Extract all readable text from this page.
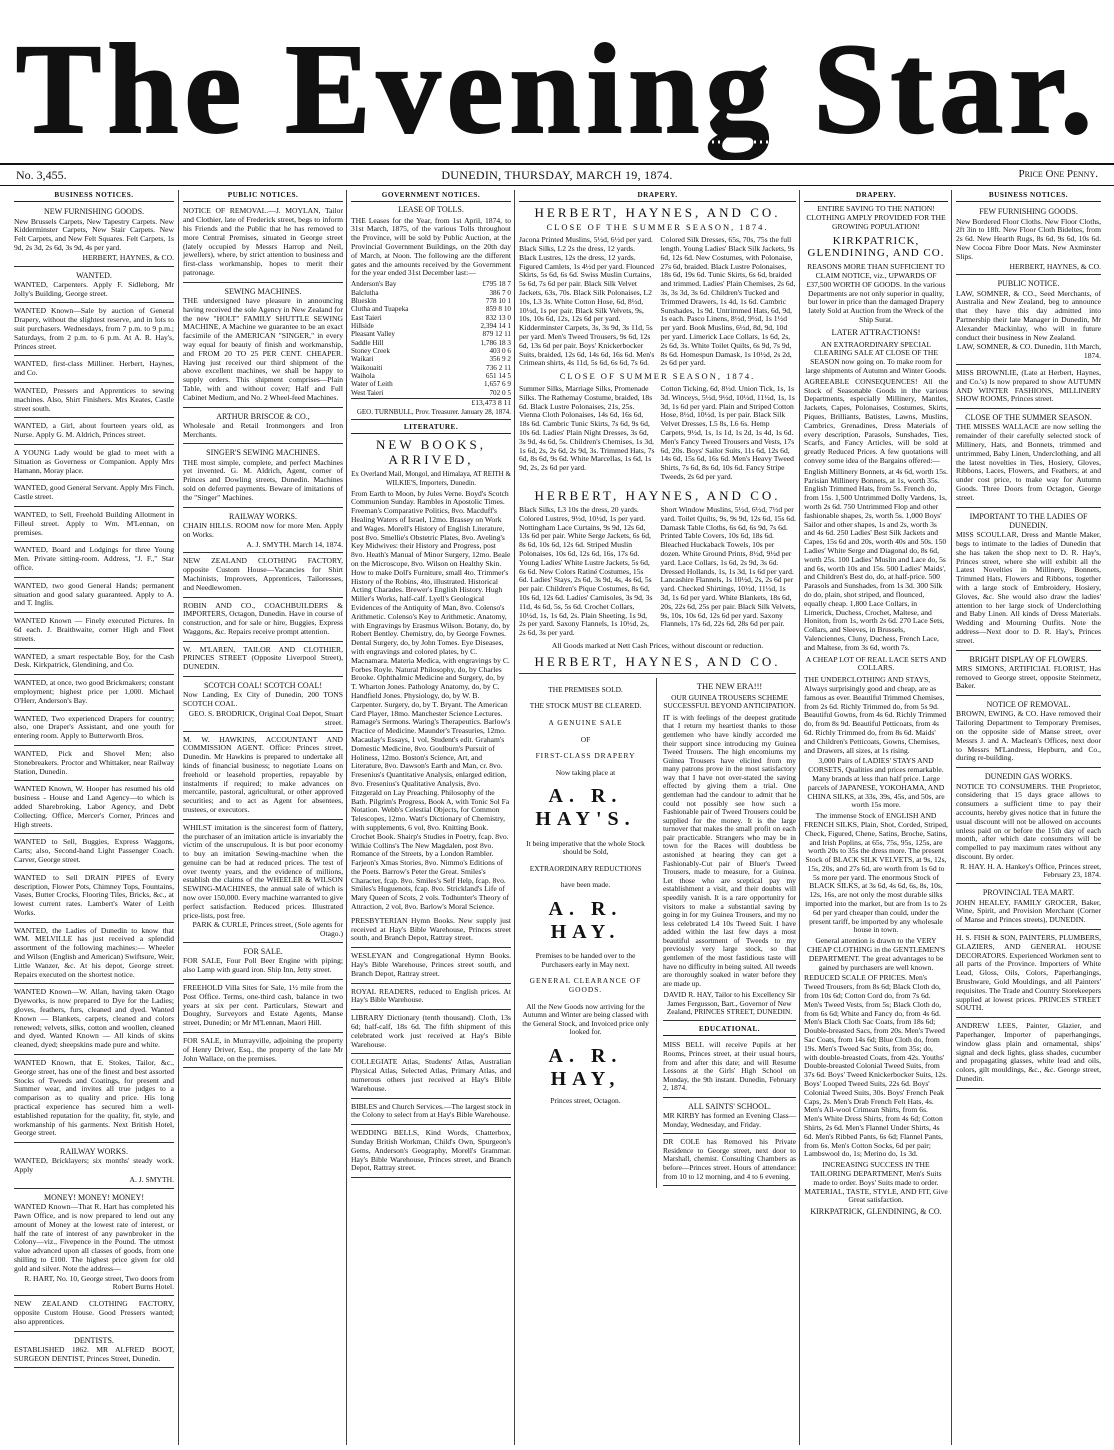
The Evening Star.
No. 3,455.	DUNEDIN, THURSDAY, MARCH 19, 1874.	Price One Penny.
BUSINESS NOTICES.
NEW FURNISHING GOODS.

New Brussels Carpets, New Tapestry Carpets. New Kidderminster Carpets, New Stair Carpets. New Felt Carpets, and New Felt Squares. Felt Carpets, 1s 9d, 2s 3d, 2s 6d, 3s 9d, 4s per yard.

HERBERT, HAYNES, & CO.
WANTED.

WANTED, Carpenters. Apply F. Sidleborg, Mr Jolly's Building, George street.

WANTED Known—Sale by auction of General Drapery, without the slightest reserve, and in lots to suit purchasers. Wednesdays, from 7 p.m. to 9 p.m.; Saturdays, from 2 p.m. to 6 p.m. At A. R. Hay's, Princes street.

WANTED, first-class Milliner. Herbert, Haynes, and Co.

WANTED, Pressers and Apprentices to sewing machines. Also, Shirt Finishers. Mrs Keates, Castle street south.

WANTED, a Girl, about fourteen years old, as Nurse. Apply G. M. Aldrich, Princes street.

A YOUNG Lady would be glad to meet with a Situation as Governess or Companion. Apply Mrs Hamann, Moray place.

WANTED, good General Servant. Apply Mrs Finch, Castle street.

WANTED, to Sell, Freehold Building Allotment in Filleul street. Apply to Wm. M'Lennan, on premises.

WANTED, Board and Lodgings for three Young Men. Private sitting-room. Address, "J. F.," Star office.

WANTED, two good General Hands; permanent situation and good salary guaranteed. Apply to A. and T. Inglis.

WANTED Known — Finely executed Pictures. In 6d each. J. Braithwaite, corner High and Fleet streets.

WANTED, a smart respectable Boy, for the Cash Desk. Kirkpatrick, Glendining, and Co.

WANTED, at once, two good Brickmakers; constant employment; highest price per 1,000. Michael O'Herr, Anderson's Bay.

WANTED, Two experienced Drapers for country; also, one Draper's Assistant, and one youth for entering room. Apply to Butterworth Bros.

WANTED, Pick and Shovel Men; also Stonebreakers. Proctor and Whittaker, near Railway Station, Dunedin.

WANTED Known, W. Hooper has resumed his old business - House and Land Agency—to which is added Sharebroking, Labor Agency, and Debt Collecting. Office, Mercer's Corner, Princes and High streets.

WANTED to Sell, Buggies, Express Waggons, Carts; also, Second-hand Light Passenger Coach. Carver, George street.

WANTED to Sell DRAIN PIPES of Every description, Flower Pots, Chimney Tops, Fountains, Vases, Butter Crocks, Flooring Tiles, Bricks, &c., at lowest current rates. Lambert's Water of Leith Works.

WANTED, the Ladies of Dunedin to know that WM. MELVILLE has just received a splendid assortment of the following machines:— Wheeler and Wilson (English and American) Swiftsure, Weir, Little Wanzer, &c. At his depot, George street. Repairs executed on the shortest notice.

WANTED Known—W. Allan, having taken Otago Dyeworks, is now prepared to Dye for the Ladies; gloves, feathers, furs, cleaned and dyed. Wanted Known — Blankets, carpets, cleaned and colors renewed; velvets, silks, cotton and woollen, cleaned and dyed. Wanted Known — All kinds of skins cleaned, dyed; sheepskins made pure and white.

WANTED Known, that E. Stokes, Tailor, &c., George street, has one of the finest and best assorted Stocks of Tweeds and Coatings, for present and Summer wear, and invites all true judges to a comparison as to quality and price. His long practical experience has secured him a well-established reputation for the quality, fit, style, and workmanship of his garments. Next British Hotel, George street.

RAILWAY WORKS.

WANTED, Bricklayers; six months' steady work. Apply

A. J. SMYTH.
MONEY! MONEY! MONEY!

WANTED Known—That R. Hart has completed his Pawn Office, and is now prepared to lend out any amount of Money at the lowest rate of interest, or half the rate of interest of any pawnbroker in the Colony—viz., Fivepence in the Pound. The utmost value advanced upon all classes of goods, from one shilling to £100. The highest price given for old gold and silver. Note the address—

R. HART, No. 10, George street, Two doors from Robert Burns Hotel.

NEW ZEALAND CLOTHING FACTORY, opposite Custom House. Good Pressers wanted; also apprentices.

DENTISTS.

ESTABLISHED 1862. MR ALFRED BOOT, SURGEON DENTIST, Princes Street, Dunedin.

PUBLIC NOTICES.

NOTICE OF REMOVAL.—J. MOYLAN, Tailor and Clothier, late of Frederick street, begs to inform his Friends and the Public that he has removed to more Central Premises, situated in George street (lately occupied by Messrs Harrop and Neil, jewellers), where, by strict attention to business and first-class workmanship, hopes to merit their patronage.

SEWING MACHINES.

THE undersigned have pleasure in announcing having received the sole Agency in New Zealand for the new "HOLT" FAMILY SHUTTLE SEWING MACHINE, A Machine we guarantee to be an exact facsimile of the AMERICAN "SINGER," in every way equal for beauty of finish and workmanship, and FROM 20 TO 25 PER CENT. CHEAPER. Having just received our third shipment of the above excellent machines, we shall be happy to supply orders. This shipment comprises—Plain Table, with and without cover; Half and Full Cabinet Medium, and No. 2 Wheel-feed Machines.

ARTHUR BRISCOE & CO.,

Wholesale and Retail Ironmongers and Iron Merchants.

SINGER'S SEWING MACHINES.

THE most simple, complete, and perfect Machines yet invented. G. M. Aldrich, Agent, corner of Princes and Dowling streets, Dunedin. Machines sold on deferred payments. Beware of imitations of the "Singer" Machines.

RAILWAY WORKS.

CHAIN HILLS. ROOM now for more Men. Apply on Works.

A. J. SMYTH. March 14, 1874.

NEW ZEALAND CLOTHING FACTORY, opposite Custom House—Vacancies for Shirt Machinists, Improvers, Apprentices, Tailoresses, and Needlewomen.

ROBIN AND CO., COACHBUILDERS & IMPORTERS, Octagon, Dunedin. Have in course of construction, and for sale or hire, Buggies, Express Waggons, &c. Repairs receive prompt attention.

W. M'LAREN, TAILOR AND CLOTHIER, PRINCES STREET (Opposite Liverpool Street), DUNEDIN.

SCOTCH COAL! SCOTCH COAL!

Now Landing, Ex City of Dunedin, 200 TONS SCOTCH COAL.

GEO. S. BRODRICK, Original Coal Depot, Stuart street.

M. W. HAWKINS, ACCOUNTANT AND COMMISSION AGENT. Office: Princes street, Dunedin. Mr Hawkins is prepared to undertake all kinds of financial business; to negotiate Loans on freehold or leasehold properties, repayable by instalments if required; to make advances on mercantile, pastoral, agricultural, or other approved securities; and to act as Agent for absentees, trustees, or executors.

WHILST imitation is the sincerest form of flattery, the purchaser of an imitation article is invariably the victim of the unscrupulous. It is but poor economy to buy an imitation Sewing-machine when the genuine can be had at reduced prices. The test of over twenty years, and the evidence of millions, establish the claims of the WHEELER & WILSON SEWING-MACHINES, the annual sale of which is now over 150,000. Every machine warranted to give perfect satisfaction. Reduced prices. Illustrated price-lists, post free.

PARK & CURLE, Princes street, (Sole agents for Otago.)
FOR SALE.

FOR SALE, Four Poll Beer Engine with piping; also Lamp with guard iron. Ship Inn, Jetty street.

FREEHOLD Villa Sites for Sale, 1½ mile from the Post Office. Terms, one-third cash, balance in two years at six per cent. Particulars, Stewart and Doughty, Surveyors and Estate Agents, Manse street, Dunedin; or Mr M'Lennan, Maori Hill.

FOR SALE, in Murrayville, adjoining the property of Henry Driver, Esq., the property of the late Mr John Wallace, on the premises.

GOVERNMENT NOTICES.
LEASE OF TOLLS.

THE Leases for the Year, from 1st April, 1874, to 31st March, 1875, of the various Tolls throughout the Province, will be sold by Public Auction, at the Provincial Government Buildings, on the 20th day of March, at Noon. The following are the different gates and the amounts received by the Government for the year ended 31st December last:—

Anderson's Bay	£795 18 7
Balclutha	386 7 0
Blueskin	778 10 1
Clutha and Tuapeka	859 8 10
East Taieri	832 13 0
Hillside	2,394 14 1
Pleasant Valley	879 12 11
Saddle Hill	1,786 18 3
Stoney Creek	403 0 6
Waikari	356 9 2
Waikouaiti	736 2 11
Waihola	651 14 5
Water of Leith	1,657 6 9
West Taieri	702 0 5
£13,473 8 11
GEO. TURNBULL, Prov. Treasurer. January 28, 1874.
LITERATURE.
NEW BOOKS, ARRIVED,
Ex Overland Mail, Mongol, and Himalaya, AT REITH & WILKIE'S, Importers, Dunedin.

From Earth to Moon, by Jules Verne. Boyd's Scotch Communion Sunday. Rambles in Apostolic Times. Freeman's Comparative Politics, 8vo. Macduff's Healing Waters of Israel, 12mo. Brassey on Work and Wages. Morell's History of English Literature, post 8vo. Smellie's Obstetric Plates, 8vo. Aveling's Key Midwives: their History and Progress, post 8vo. Heath's Manual of Minor Surgery, 12mo. Beale on the Microscope, 8vo. Wilson on Healthy Skin. How to make Doll's Furniture, small 4to. Trimmer's History of the Robins, 4to, illustrated. Historical Acting Charades. Brewer's English History. Hugh Miller's Works, half-calf. Lyell's Geological Evidences of the Antiquity of Man, 8vo. Colenso's Arithmetic. Colenso's Key to Arithmetic. Anatomy, with Engravings by Erasmus Wilson. Botany, do, by Robert Bentley. Chemistry, do, by George Fownes. Dental Surgery, do, by John Tomes. Eye Diseases, with engravings and colored plates, by C. Macnamara. Materia Medica, with engravings by C. Forbes Royle. Natural Philosophy, do, by Charles Brooke. Ophthalmic Medicine and Surgery, do, by T. Wharton Jones. Pathology Anatomy, do, by C. Handfield Jones. Physiology, do, by W. B. Carpenter. Surgery, do, by T. Bryant. The American Card Player, 18mo. Manchester Science Lectures. Ramage's Sermons. Waring's Therapeutics. Barlow's Practice of Medicine. Maunder's Treasuries, 12mo. Macaulay's Essays, 1 vol, Student's edit. Graham's Domestic Medicine, 8vo. Goulburn's Pursuit of Holiness, 12mo. Boston's Science, Art, and Literature, 8vo. Dawson's Earth and Man, cr. 8vo. Fresenius's Quantitative Analysis, enlarged edition, 8vo. Fresenius's Qualitative Analysis, 8vo. Fitzgerald on Lay Preaching. Philosophy of the Bath. Pilgrim's Progress, Book A, with Tonic Sol Fa Notation. Webb's Celestial Objects, for Common Telescopes, 12mo. Watt's Dictionary of Chemistry, with supplements, 6 vol, 8vo. Knitting Book. Crochet Book. Shairp's Studies in Poetry, fcap. 8vo. Wilkie Collins's The New Magdalen, post 8vo. Romance of the Streets, by a London Rambler. Farjeon's Xmas Stories, 8vo. Nimmo's Editions of the Poets. Barrow's Peter the Great. Smiles's Character, fcap. 8vo. Smiles's Self Help, fcap. 8vo. Smiles's Huguenots, fcap. 8vo. Strickland's Life of Mary Queen of Scots, 2 vols. Todhunter's Theory of Attraction, 2 vol, 8vo. Barlow's Moral Science.

PRESBYTERIAN Hymn Books. New supply just received at Hay's Bible Warehouse, Princes street south, and Branch Depot, Rattray street.

WESLEYAN and Congregational Hymn Books. Hay's Bible Warehouse, Princes street south, and Branch Depot, Rattray street.

ROYAL READERS, reduced to English prices. At Hay's Bible Warehouse.

LIBRARY Dictionary (tenth thousand). Cloth, 13s 6d; half-calf, 18s 6d. The fifth shipment of this celebrated work just received at Hay's Bible Warehouse.

COLLEGIATE Atlas, Students' Atlas, Australian Physical Atlas, Selected Atlas, Primary Atlas, and numerous others just received at Hay's Bible Warehouse.

BIBLES and Church Services.—The largest stock in the Colony to select from at Hay's Bible Warehouse.

WEDDING BELLS, Kind Words, Chatterbox, Sunday British Workman, Child's Own, Spurgeon's Gems, Anderson's Geography, Morell's Grammar. Hay's Bible Warehouse, Princes street, and Branch Depot, Rattray street.

DRAPERY.
HERBERT, HAYNES, AND CO.
CLOSE OF THE SUMMER SEASON, 1874.
Jacona Printed Muslins, 5½d, 6½d per yard. Black Silks, L2 2s the dress, 12 yards. Black Lustres, 12s the dress, 12 yards. Figured Camlets, 1s 4½d per yard. Flounced Skirts, 5s 6d, 6s 6d. Swiss Muslin Curtains, 5s 6d, 7s 6d per pair. Black Silk Velvet Jackets, 63s, 70s. Black Silk Polonaises, L2 10s, L3 3s. White Cotton Hose, 6d, 8½d, 10½d, 1s per pair. Black Silk Velvets, 9s, 10s, 10s 6d, 12s, 12s 6d per yard. Kidderminster Carpets, 3s, 3s 9d, 3s 11d, 5s per yard. Men's Tweed Trousers, 9s 6d, 12s 6d, 13s 6d per pair. Boys' Knickerbocker Suits, braided, 12s 6d, 14s 6d, 16s 6d. Men's Crimean shirts, 4s 11d, 5s 6d, 6s 6d, 7s 6d.
Colored Silk Dresses, 65s, 70s, 75s the full length. Young Ladies' Black Silk Jackets, 9s 6d, 12s 6d. New Costumes, with Polonaise, 27s 6d, braided. Black Lustre Polonaises, 18s 6d, 19s 6d. Tunic Skirts, 6s 6d, braided and trimmed. Ladies' Plain Chemises, 2s 6d, 3s, 3s 3d, 3s 6d. Children's Tucked and Trimmed Drawers, 1s 4d, 1s 6d. Cambric Sunshades, 1s 9d. Untrimmed Hats, 6d, 9d, 1s each. Pasco Linens, 8½d, 9½d, 1s 1½d per yard. Book Muslins, 6½d, 8d, 9d, 10d per yard. Limerick Lace Collars, 1s 6d, 2s, 2s 6d, 3s. White Toilet Quilts, 6s 9d, 7s 9d, 8s 6d. Homespun Damask, 1s 10½d, 2s 2d, 2s 6d per yard.
CLOSE OF SUMMER SEASON, 1874.
Summer Silks, Marriage Silks, Promenade Silks. The Rathemay Costume, braided, 18s 6d. Black Lustre Polonaises, 21s, 25s. Vienna Cloth Polonaises, 14s 6d, 16s 6d, 18s 6d. Cambric Tunic Skirts, 7s 6d, 9s 6d, 10s 6d. Ladies' Plain Night Dresses, 3s 6d, 3s 9d, 4s 6d, 5s. Children's Chemises, 1s 3d, 1s 6d, 2s, 2s 6d, 2s 9d, 3s. Trimmed Hats, 7s 6d, 8s 6d, 9s 6d. White Marcellas, 1s 6d, 1s 9d, 2s, 2s 6d per yard.
Cotton Ticking, 6d, 8½d. Union Tick, 1s, 1s 3d. Winceys, 5½d, 9½d, 10½d, 11½d, 1s, 1s 3d, 1s 6d per yard. Plain and Striped Cotton Hose, 8½d, 10½d, 1s per pair. Black Silk Velvet Dresses, L5 8s, L6 6s. Hemp Carpets, 9½d, 1s, 1s 1d, 1s 2d, 1s 4d, 1s 6d. Men's Fancy Tweed Trousers and Vests, 17s 6d, 20s. Boys' Sailor Suits, 11s 6d, 12s 6d, 14s 6d, 15s 6d, 16s 6d. Men's Heavy Tweed Shirts, 7s 6d, 8s 6d, 10s 6d. Fancy Stripe Tweeds, 2s 6d per yard.
HERBERT, HAYNES, AND CO.
Black Silks, L3 10s the dress, 20 yards. Colored Lustres, 9½d, 10½d, 1s per yard. Nottingham Lace Curtains, 9s 9d, 12s 6d, 13s 6d per pair. White Serge Jackets, 6s 6d, 8s 6d, 10s 6d, 12s 6d. Striped Muslin Polonaises, 10s 6d, 12s 6d, 16s, 17s 6d. Young Ladies' White Lustre Jackets, 5s 6d, 6s 6d. New Colors Ratiné Costumes, 15s 6d. Ladies' Stays, 2s 6d, 3s 9d, 4s, 4s 6d, 5s per pair. Children's Pique Costumes, 8s 6d, 10s 6d, 12s 6d. Ladies' Camisoles, 3s 9d, 3s 11d, 4s 6d, 5s, 5s 6d. Crochet Collars, 10½d, 1s, 1s 6d, 2s. Plain Sheeting, 1s 9d, 2s per yard. Saxony Flannels, 1s 10½d, 2s, 2s 6d, 3s per yard.
Short Window Muslins, 5½d, 6½d, 7½d per yard. Toilet Quilts, 9s, 9s 9d, 12s 6d, 15s 6d. Damask Table Cloths, 6s 6d, 6s 9d, 7s 6d. Printed Table Covers, 10s 6d, 18s 6d. Bleached Huckaback Towels, 10s per dozen. White Ground Prints, 8½d, 9½d per yard. Lace Collars, 1s 6d, 2s 9d, 3s 6d. Dressed Hollands, 1s, 1s 3d, 1s 6d per yard. Lancashire Flannels, 1s 10½d, 2s, 2s 6d per yard. Checked Shirtings, 10½d, 11½d, 1s 3d, 1s 6d per yard. White Blankets, 18s 6d, 20s, 22s 6d, 25s per pair. Black Silk Velvets, 9s, 10s, 10s 6d, 12s 6d per yard. Saxony Flannels, 17s 6d, 22s 6d, 28s 6d per pair.
All Goods marked at Nett Cash Prices, without discount or reduction.
HERBERT, HAYNES, AND CO.
THE PREMISES SOLD.
THE STOCK MUST BE CLEARED.
A GENUINE SALE
OF
FIRST-CLASS DRAPERY
Now taking place at
A. R. HAY'S.
It being imperative that the whole Stock should be Sold,
EXTRAORDINARY REDUCTIONS
have been made.
A. R. HAY.
Premises to be handed over to the Purchasers early in May next.
GENERAL CLEARANCE OF GOODS.
All the New Goods now arriving for the Autumn and Winter are being classed with the General Stock, and Invoiced price only looked for.
A. R. HAY,
Princes street, Octagon.
THE NEW ERA!!!
OUR GUINEA TROUSERS SCHEME SUCCESSFUL BEYOND ANTICIPATION.

IT is with feelings of the deepest gratitude that I return my heartiest thanks to those gentlemen who have kindly accorded me their support since introducing my Guinea Tweed Trousers. The high encomiums my Guinea Trousers have elicited from my many patrons prove in the most satisfactory way that I have not over-stated the saving effected by giving them a trial. One gentleman had the candour to admit that he could not possibly see how such a Fashionable pair of Tweed Trousers could be supplied for the money. It is the large turnover that makes the small profit on each pair practicable. Strangers who may be in town for the Races will doubtless be astonished at hearing they can get a Fashionably-Cut pair of Bluer's Tweed Trousers, made to measure, for a Guinea. Let those who are sceptical pay my establishment a visit, and their doubts will speedily vanish. It is a rare opportunity for visitors to make a substantial saving by going in for my Guinea Trousers, and my no less celebrated L4 10s Tweed Suit. I have added within the last few days a most beautiful assortment of Tweeds to my previously very large stock, so that gentlemen of the most fastidious taste will have no difficulty in being suited. All tweeds are thoroughly soaked in water before they are made up.

DAVID R. HAY, Tailor to his Excellency Sir James Fergusson, Bart., Governor of New Zealand, PRINCES STREET, DUNEDIN.
EDUCATIONAL.

MISS BELL will receive Pupils at her Rooms, Princes street, at their usual hours, from and after this date; and will Resume Lessons at the Girls' High School on Monday, the 9th instant. Dunedin, February 2, 1874.

ALL SAINTS' SCHOOL.

MR KIRBY has formed an Evening Class—Monday, Wednesday, and Friday.

DR COLE has Removed his Private Residence to George street, next door to Marshall, chemist. Consulting Chambers as before—Princes street. Hours of attendance: from 10 to 12 morning, and 4 to 6 evening.

DRAPERY.
ENTIRE SAVING TO THE NATION! CLOTHING AMPLY PROVIDED FOR THE GROWING POPULATION!
KIRKPATRICK, GLENDINING, AND CO.

REASONS MORE THAN SUFFICIENT TO CLAIM NOTICE, viz., UPWARDS OF £37,500 WORTH OF GOODS. In the various Departments are not only superior in quality, but lower in price than the damaged Drapery lately Sold at Auction from the Wreck of the Ship Surat.

LATER ATTRACTIONS!

AN EXTRAORDINARY SPECIAL CLEARING SALE AT CLOSE OF THE SEASON now going on. To make room for large shipments of Autumn and Winter Goods.

AGREEABLE CONSEQUENCES! All the Stock of Seasonable Goods in the various Departments, especially Millinery, Mantles, Jackets, Capes, Polonaises, Costumes, Skirts, Piques, Brilliants, Batistes, Lawns, Muslins, Cambrics, Grenadines, Dress Materials of every description, Parasols, Sunshades, Ties, Scarfs, and Fancy Articles, will be sold at greatly Reduced Prices. A few quotations will convey some idea of the Bargains offered:—

English Millinery Bonnets, at 4s 6d, worth 15s. Parisian Millinery Bonnets, at 1s, worth 35s. English Trimmed Hats, from 5s. French do, from 15s. 1,500 Untrimmed Dolly Vardens, 1s, worth 2s 6d. 750 Untrimmed Flop and other fashionable shapes, 2s, worth 5s. 1,000 Boys' Sailor and other shapes, 1s and 2s, worth 3s and 4s 6d. 250 Ladies' Best Silk Jackets and Capes, 15s 6d and 20s, worth 40s and 50s. 150 Ladies' White Serge and Diagonal do, 8s 6d, worth 25s. 100 Ladies' Muslin and Lace do, 5s and 6s, worth 10s and 15s. 500 Ladies' Maids', and Children's Best do, do, at half-price. 500 Parasols and Sunshades, from 1s 3d. 300 Silk do do, plain, shot striped, and flounced, equally cheap. 1,800 Lace Collars, in Limerick, Duchess, Crochet, Maltese, and Honiton, from 1s, worth 2s 6d. 270 Lace Sets, Collars, and Sleeves, in Brussels, Valenciennes, Cluny, Duchess, French Lace, and Maltese, from 3s 6d, worth 7s.

A CHEAP LOT OF REAL LACE SETS AND COLLARS.

THE UNDERCLOTHING AND STAYS, Always surprisingly good and cheap, are as famous as ever. Beautiful Trimmed Chemises, from 2s 6d. Richly Trimmed do, from 5s 9d. Beautiful Gowns, from 4s 6d. Richly Trimmed do, from 8s 9d. Beautiful Petticoats, from 4s 6d. Richly Trimmed do, from 8s 6d. Maids' and Children's Petticoats, Gowns, Chemises, and Drawers, all sizes, at 1s rising.

3,000 Pairs of LADIES' STAYS AND CORSETS, Qualities and prices remarkable. Many brands at less than half price. Large parcels of JAPANESE, YOKOHAMA, AND CHINA SILKS, at 33s, 39s, 45s, and 50s, are worth 15s more.

The immense Stock of ENGLISH AND FRENCH SILKS, Plain, Shot, Corded, Striped, Check, Figured, Chene, Satins, Broche, Satins, and Irish Poplins, at 65s, 75s, 95s, 125s, are worth 20s to 35s the dress more. The present Stock of BLACK SILK VELVETS, at 9s, 12s, 15s, 20s, and 27s 6d, are worth from 1s 6d to 5s more per yard. The enormous Stock of BLACK SILKS, at 3s 6d, 4s 6d, 6s, 8s, 10s, 12s, 16s, are not only the most durable silks imported into the market, but are from 1s to 2s 6d per yard cheaper than could, under the present tariff, be imported by any wholesale house in town.

General attention is drawn to the VERY CHEAP CLOTHING in the GENTLEMEN'S DEPARTMENT. The great advantages to be gained by purchasers are well known.

REDUCED SCALE OF PRICES. Men's Tweed Trousers, from 8s 6d; Black Cloth do, from 10s 6d; Cotton Cord do, from 7s 6d. Men's Tweed Vests, from 5s; Black Cloth do, from 6s 6d; White and Fancy do, from 4s 6d. Men's Black Cloth Sac Coats, from 18s 6d; Double-breasted Sacs, from 20s. Men's Tweed Sac Coats, from 14s 6d; Blue Cloth do, from 19s. Men's Tweed Sac Suits, from 35s; do, with double-breasted Coats, from 42s. Youths' Double-breasted Colonial Tweed Suits, from 37s 6d. Boys' Tweed Knickerbocker Suits, 12s. Boys' Looped Tweed Suits, 22s 6d. Boys' Colonial Tweed Suits, 30s. Boys' French Peak Caps, 2s. Men's Drab French Felt Hats, 4s. Men's All-wool Crimean Shirts, from 6s. Men's White Dress Shirts, from 4s 6d; Cotton Shirts, 2s 6d. Men's Flannel Under Shirts, 4s 6d. Men's Ribbed Pants, 6s 6d; Flannel Pants, from 6s. Men's Cotton Socks, 6d per pair; Lambswool do, 1s; Merino do, 1s 3d.

INCREASING SUCCESS IN THE TAILORING DEPARTMENT, Men's Suits made to order. Boys' Suits made to order. MATERIAL, TASTE, STYLE, AND FIT, Give Great satisfaction.

KIRKPATRICK, GLENDINING, & CO.
BUSINESS NOTICES.
FEW FURNISHING GOODS.

New Bordered Floor Cloths. New Floor Cloths, 2ft 3in to 18ft. New Floor Cloth Bideltes, from 2s 6d. New Hearth Rugs, 8s 6d, 9s 6d, 10s 6d. New Cocoa Fibre Door Mats. New Axminster Slips.

HERBERT, HAYNES, & CO.
PUBLIC NOTICE.

LAW, SOMNER, & CO., Seed Merchants, of Australia and New Zealand, beg to announce that they have this day admitted into Partnership their late Manager in Dunedin, Mr Alexander Mackinlay, who will in future conduct their business in New Zealand.

LAW, SOMNER, & CO. Dunedin, 11th March, 1874.

MISS BROWNLIE, (Late at Herbert, Haynes, and Co.'s) Is now prepared to show AUTUMN AND WINTER FASHIONS, MILLINERY SHOW ROOMS, Princes street.

CLOSE OF THE SUMMER SEASON.

THE MISSES WALLACE are now selling the remainder of their carefully selected stock of Millinery, Hats, and Bonnets, trimmed and untrimmed, Baby Linen, Underclothing, and all the latest novelties in Ties, Hosiery, Gloves, Ribbons, Laces, Flowers, and Feathers, at and under cost price, to make way for Autumn Goods. Three Doors from Octagon, George street.

IMPORTANT TO THE LADIES OF DUNEDIN.

MISS SCOULLAR, Dress and Mantle Maker, begs to intimate to the ladies of Dunedin that she has taken the shop next to D. R. Hay's, Princes street, where she will exhibit all the Latest Novelties in Millinery, Bonnets, Trimmed Hats, Flowers and Ribbons, together with a large stock of Embroidery, Hosiery, Gloves, &c. She would also draw the ladies' attention to her large stock of Underclothing and Baby Linen. All kinds of Dress Materials. Wedding and Mourning Outfits. Note the address—Next door to D. R. Hay's, Princes street.

BRIGHT DISPLAY OF FLOWERS.

MRS SIMONS, ARTIFICIAL FLORIST, Has removed to George street, opposite Steinmetz, Baker.

NOTICE OF REMOVAL.

BROWN, EWING, & CO. Have removed their Tailoring Department to Temporary Premises, on the opposite side of Manse street, over Messrs J. and A. Maclean's Offices, next door to Messrs M'Landress, Hepburn, and Co., during re-building.

DUNEDIN GAS WORKS.

NOTICE TO CONSUMERS. THE Proprietor, considering that 15 days grace allows to consumers a sufficient time to pay their accounts, hereby gives notice that in future the usual discount will not be allowed on accounts unless paid on or before the 15th day of each month, after which date consumers will be compelled to pay maximum rates without any discount. By order.

R. HAY. H. A. Hankey's Office, Princes street, February 23, 1874.
PROVINCIAL TEA MART.

JOHN HEALEY, FAMILY GROCER, Baker, Wine, Spirit, and Provision Merchant (Corner of Manse and Princes streets), DUNEDIN.

H. S. FISH & SON, PAINTERS, PLUMBERS, GLAZIERS, AND GENERAL HOUSE DECORATORS. Experienced Workmen sent to all parts of the Province. Importers of White Lead, Gloss, Oils, Colors, Paperhangings, Brushware, Gold Mouldings, and all Painters' requisites. The Trade and Country Storekeepers supplied at lowest prices. PRINCES STREET SOUTH.

ANDREW LEES, Painter, Glazier, and Paperhanger, Importer of paperhangings, window glass plain and ornamental, ships' signal and deck lights, glass shades, cucumber and propagating glasses, white lead and oils, colors, gilt mouldings, &c., &c. George street, Dunedin.
